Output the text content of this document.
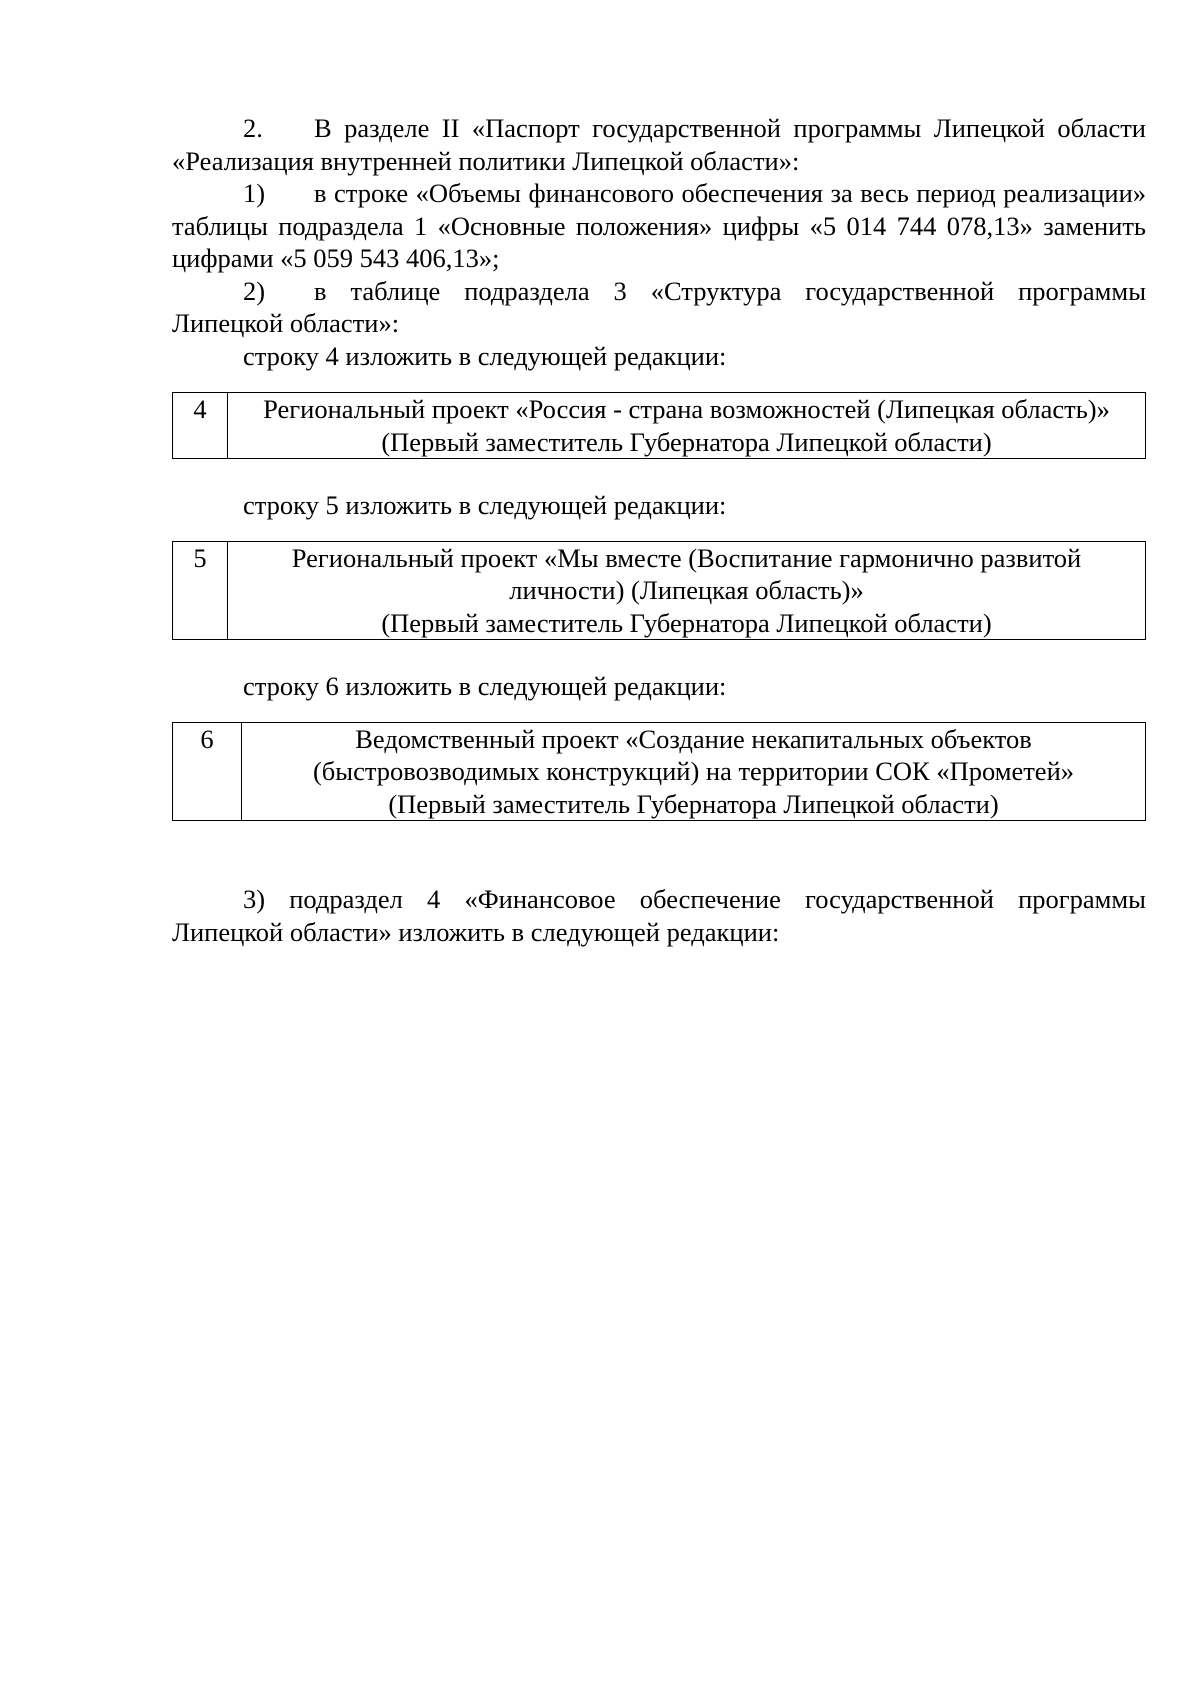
2. В разделе II «Паспорт государственной программы Липецкой области «Реализация внутренней политики Липецкой области»:

1) в строке «Объемы финансового обеспечения за весь период реализации» таблицы подраздела 1 «Основные положения» цифры «5 014 744 078,13» заменить цифрами «5 059 543 406,13»;

2) в таблице подраздела 3 «Структура государственной программы Липецкой области»:

строку 4 изложить в следующей редакции:

4	Региональный проект «Россия - страна возможностей (Липецкая область)»
(Первый заместитель Губернатора Липецкой области)

строку 5 изложить в следующей редакции:

5	Региональный проект «Мы вместе (Воспитание гармонично развитой
личности) (Липецкая область)»
(Первый заместитель Губернатора Липецкой области)

строку 6 изложить в следующей редакции:

6	Ведомственный проект «Создание некапитальных объектов
(быстровозводимых конструкций) на территории СОК «Прометей»
(Первый заместитель Губернатора Липецкой области)

3) подраздел 4 «Финансовое обеспечение государственной программы Липецкой области» изложить в следующей редакции:
